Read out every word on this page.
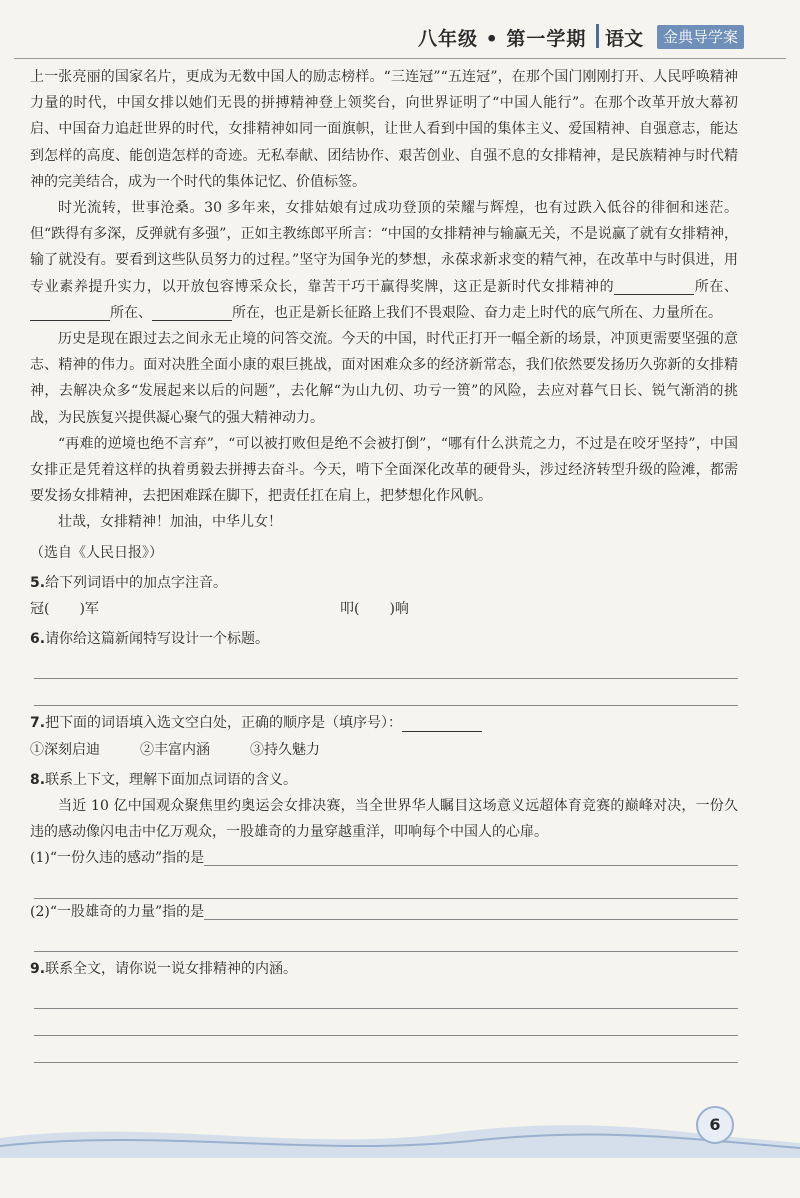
八年级 • 第一学期 语文	金典导学案

上一张亮丽的国家名片，更成为无数中国人的励志榜样。“三连冠”“五连冠”，在那个国门刚刚打开、人民呼唤精神力量的时代，中国女排以她们无畏的拼搏精神登上领奖台，向世界证明了“中国人能行”。在那个改革开放大幕初启、中国奋力追赶世界的时代，女排精神如同一面旗帜，让世人看到中国的集体主义、爱国精神、自强意志，能达到怎样的高度、能创造怎样的奇迹。无私奉献、团结协作、艰苦创业、自强不息的女排精神，是民族精神与时代精神的完美结合，成为一个时代的集体记忆、价值标签。

时光流转，世事沧桑。30 多年来，女排姑娘有过成功登顶的荣耀与辉煌，也有过跌入低谷的徘徊和迷茫。但“跌得有多深，反弹就有多强”，正如主教练郎平所言：“中国的女排精神与输赢无关，不是说赢了就有女排精神，输了就没有。要看到这些队员努力的过程。”坚守为国争光的梦想，永葆求新求变的精气神，在改革中与时俱进，用专业素养提升实力，以开放包容博采众长，靠苦干巧干赢得奖牌，这正是新时代女排精神的	所在、所在、	所在，也正是新长征路上我们不畏艰险、奋力走上时代的底气所在、力量所在。

历史是现在跟过去之间永无止境的问答交流。今天的中国，时代正打开一幅全新的场景，冲顶更需要坚强的意志、精神的伟力。面对决胜全面小康的艰巨挑战，面对困难众多的经济新常态，我们依然要发扬历久弥新的女排精神，去解决众多“发展起来以后的问题”，去化解“为山九仞、功亏一篑”的风险，去应对暮气日长、锐气渐消的挑战，为民族复兴提供凝心聚气的强大精神动力。

“再难的逆境也绝不言弃”，“可以被打败但是绝不会被打倒”，“哪有什么洪荒之力，不过是在咬牙坚持”，中国女排正是凭着这样的执着勇毅去拼搏去奋斗。今天，啃下全面深化改革的硬骨头，涉过经济转型升级的险滩，都需要发扬女排精神，去把困难踩在脚下，把责任扛在肩上，把梦想化作风帆。

壮哉，女排精神！加油，中华儿女！

（选自《人民日报》）

5.给下列词语中的加点字注音。

冠( )军	叩( )响

6.请你给这篇新闻特写设计一个标题。

7.把下面的词语填入选文空白处，正确的顺序是（填序号）：

①深刻启迪	②丰富内涵	③持久魅力

8.联系上下文，理解下面加点词语的含义。

当近 10 亿中国观众聚焦里约奥运会女排决赛，当全世界华人瞩目这场意义远超体育竞赛的巅峰对决，一份久违的感动像闪电击中亿万观众，一股雄奇的力量穿越重洋，叩响每个中国人的心扉。

(1)“一份久违的感动”指的是

(2)“一股雄奇的力量”指的是

9.联系全文，请你说一说女排精神的内涵。

6
